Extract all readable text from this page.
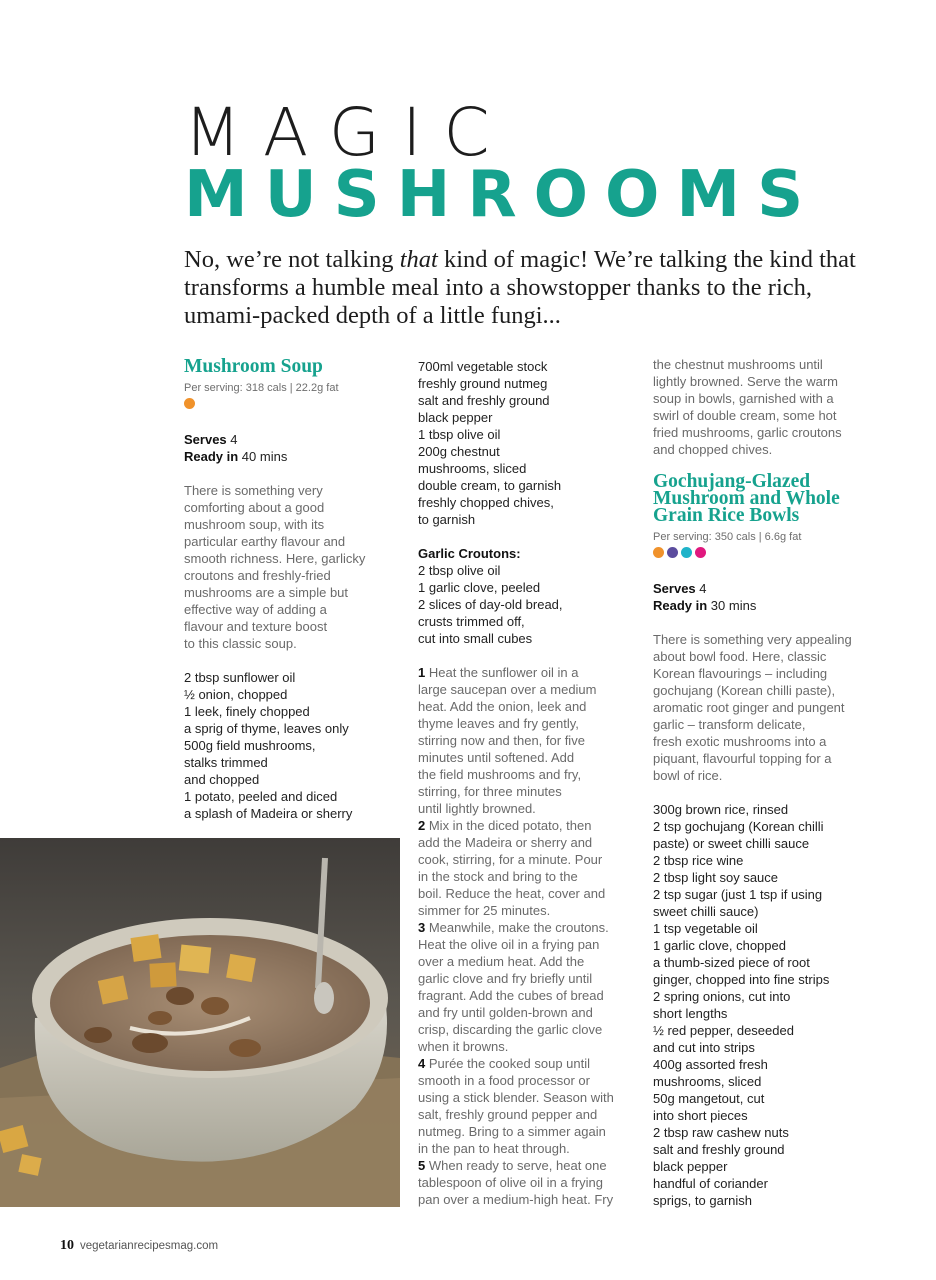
MAGIC
MUSHROOMS

No, we’re not talking that kind of magic! We’re talking the kind that transforms a humble meal into a showstopper thanks to the rich, umami-packed depth of a little fungi...

Mushroom Soup
Per serving: 318 cals | 22.2g fat
Serves 4
Ready in 40 mins
There is something very
comforting about a good
mushroom soup, with its
particular earthy flavour and
smooth richness. Here, garlicky
croutons and freshly-fried
mushrooms are a simple but
effective way of adding a
flavour and texture boost
to this classic soup.
2 tbsp sunflower oil
½ onion, chopped
1 leek, finely chopped
a sprig of thyme, leaves only
500g field mushrooms,
stalks trimmed
and chopped
1 potato, peeled and diced
a splash of Madeira or sherry
700ml vegetable stock
freshly ground nutmeg
salt and freshly ground
black pepper
1 tbsp olive oil
200g chestnut
mushrooms, sliced
double cream, to garnish
freshly chopped chives,
to garnish
Garlic Croutons:
2 tbsp olive oil
1 garlic clove, peeled
2 slices of day-old bread,
crusts trimmed off,
cut into small cubes
1 Heat the sunflower oil in a
large saucepan over a medium
heat. Add the onion, leek and
thyme leaves and fry gently,
stirring now and then, for five
minutes until softened. Add
the field mushrooms and fry,
stirring, for three minutes
until lightly browned.
2 Mix in the diced potato, then
add the Madeira or sherry and
cook, stirring, for a minute. Pour
in the stock and bring to the
boil. Reduce the heat, cover and
simmer for 25 minutes.
3 Meanwhile, make the croutons.
Heat the olive oil in a frying pan
over a medium heat. Add the
garlic clove and fry briefly until
fragrant. Add the cubes of bread
and fry until golden-brown and
crisp, discarding the garlic clove
when it browns.
4 Purée the cooked soup until
smooth in a food processor or
using a stick blender. Season with
salt, freshly ground pepper and
nutmeg. Bring to a simmer again
in the pan to heat through.
5 When ready to serve, heat one
tablespoon of olive oil in a frying
pan over a medium-high heat. Fry
the chestnut mushrooms until
lightly browned. Serve the warm
soup in bowls, garnished with a
swirl of double cream, some hot
fried mushrooms, garlic croutons
and chopped chives.
Gochujang-Glazed
Mushroom and Whole
Grain Rice Bowls
Per serving: 350 cals | 6.6g fat
Serves 4
Ready in 30 mins
There is something very appealing
about bowl food. Here, classic
Korean flavourings – including
gochujang (Korean chilli paste),
aromatic root ginger and pungent
garlic – transform delicate,
fresh exotic mushrooms into a
piquant, flavourful topping for a
bowl of rice.
300g brown rice, rinsed
2 tsp gochujang (Korean chilli
paste) or sweet chilli sauce
2 tbsp rice wine
2 tbsp light soy sauce
2 tsp sugar (just 1 tsp if using
sweet chilli sauce)
1 tsp vegetable oil
1 garlic clove, chopped
a thumb-sized piece of root
ginger, chopped into fine strips
2 spring onions, cut into
short lengths
½ red pepper, deseeded
and cut into strips
400g assorted fresh
mushrooms, sliced
50g mangetout, cut
into short pieces
2 tbsp raw cashew nuts
salt and freshly ground
black pepper
handful of coriander
sprigs, to garnish
10 vegetarianrecipesmag.com
